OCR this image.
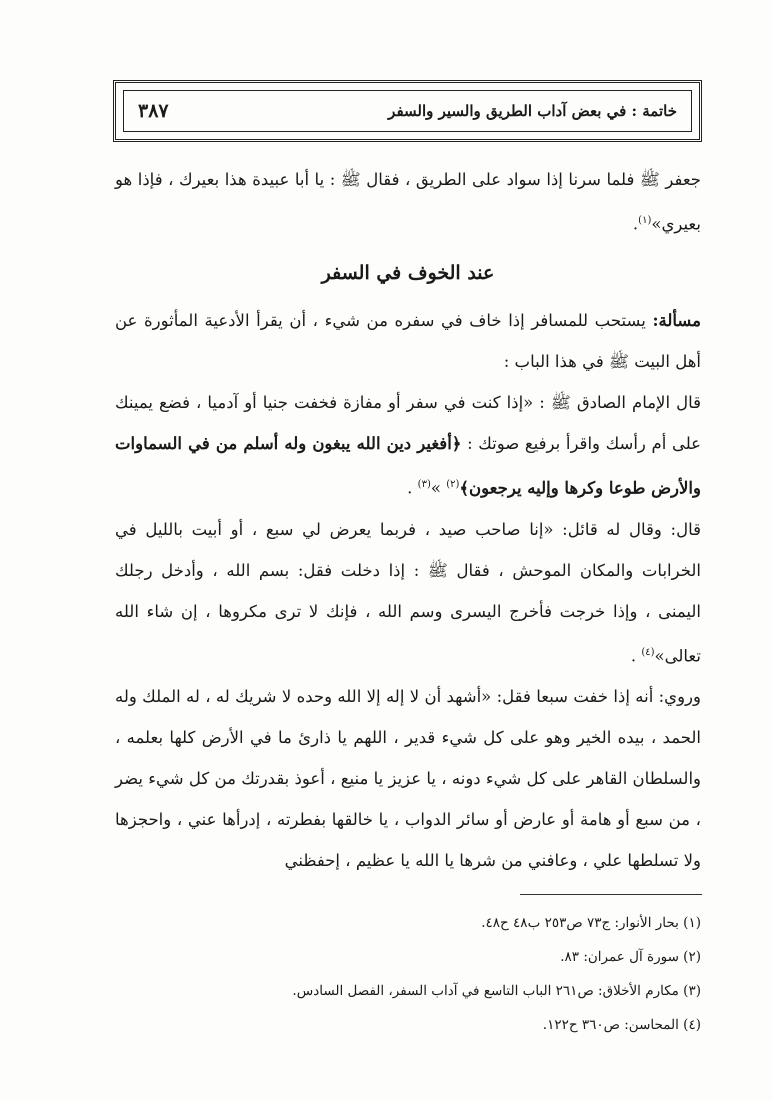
٣٨٧	خاتمة : في بعض آداب الطريق والسير والسفر

جعفر ﷺ فلما سرنا إذا سواد على الطريق ، فقال ﷺ : يا أبا عبيدة هذا بعيرك ، فإذا هو بعيري»$^{(١)}$.

عند الخوف في السفر

مسألة: يستحب للمسافر إذا خاف في سفره من شيء ، أن يقرأ الأدعية المأثورة عن أهل البيت ﷺ في هذا الباب :

قال الإمام الصادق ﷺ : «إذا كنت في سفر أو مفازة فخفت جنيا أو آدميا ، فضع يمينك على أم رأسك واقرأ برفيع صوتك : ﴿أفغير دين الله يبغون وله أسلم من في السماوات والأرض طوعا وكرها وإليه يرجعون﴾$^{(٢)}$ »$^{(٣)}$ .

قال: وقال له قائل: «إنا صاحب صيد ، فربما يعرض لي سبع ، أو أبيت بالليل في الخرابات والمكان الموحش ، فقال ﷺ : إذا دخلت فقل: بسم الله ، وأدخل رجلك اليمنى ، وإذا خرجت فأخرج اليسرى وسم الله ، فإنك لا ترى مكروها ، إن شاء الله تعالى»$^{(٤)}$ .

وروي: أنه إذا خفت سبعا فقل: «أشهد أن لا إله إلا الله وحده لا شريك له ، له الملك وله الحمد ، بيده الخير وهو على كل شيء قدير ، اللهم يا ذارئ ما في الأرض كلها بعلمه ، والسلطان القاهر على كل شيء دونه ، يا عزيز يا منيع ، أعوذ بقدرتك من كل شيء يضر ، من سبع أو هامة أو عارض أو سائر الدواب ، يا خالقها بفطرته ، إدرأها عني ، واحجزها ولا تسلطها علي ، وعافني من شرها يا الله يا عظيم ، إحفظني

(١) بحار الأنوار: ج٧٣ ص٢٥٣ ب٤٨ ح٤٨.

(٢) سورة آل عمران: ٨٣.

(٣) مكارم الأخلاق: ص٢٦١ الباب التاسع في آداب السفر، الفصل السادس.

(٤) المحاسن: ص٣٦٠ ح١٢٢.
